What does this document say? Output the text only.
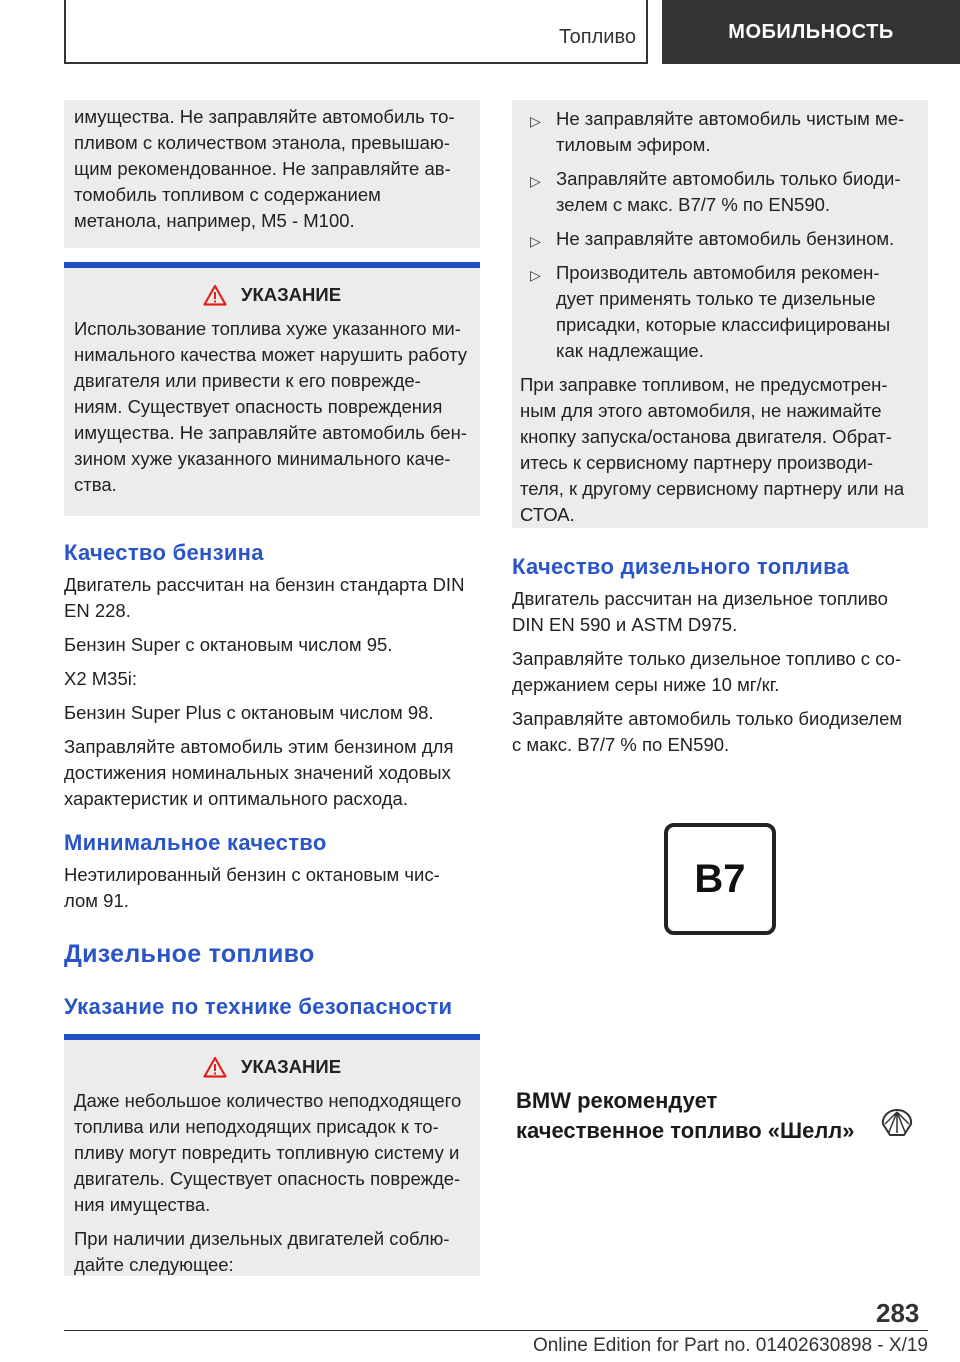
Топливо	МОБИЛЬНОСТЬ

имущества. Не заправляйте автомобиль то-

пливом с количеством этанола, превышаю-

щим рекомендованное. Не заправляйте ав-

томобиль топливом с содержанием

метанола, например, M5 - M100.

УКАЗАНИЕ

Использование топлива хуже указанного ми-

нимального качества может нарушить работу

двигателя или привести к его поврежде-

ниям. Существует опасность повреждения

имущества. Не заправляйте автомобиль бен-

зином хуже указанного минимального каче-

ства.

Качество бензина

Двигатель рассчитан на бензин стандарта DIN

EN 228.

Бензин Super с октановым числом 95.

X2 M35i:

Бензин Super Plus с октановым числом 98.

Заправляйте автомобиль этим бензином для

достижения номинальных значений ходовых

характеристик и оптимального расхода.

Минимальное качество

Неэтилированный бензин с октановым чис-

лом 91.

Дизельное топливо

Указание по технике безопасности

УКАЗАНИЕ

Даже небольшое количество неподходящего

топлива или неподходящих присадок к то-

пливу могут повредить топливную систему и

двигатель. Существует опасность поврежде-

ния имущества.

При наличии дизельных двигателей соблю-

дайте следующее:

▷ Не заправляйте автомобиль чистым ме-
тиловым эфиром.
▷ Заправляйте автомобиль только биоди-
зелем с макс. B7/7 % по EN590.
▷ Не заправляйте автомобиль бензином.
▷ Производитель автомобиля рекомен-
дует применять только те дизельные
присадки, которые классифицированы
как надлежащие.

При заправке топливом, не предусмотрен-

ным для этого автомобиля, не нажимайте

кнопку запуска/останова двигателя. Обрат-

итесь к сервисному партнеру производи-

теля, к другому сервисному партнеру или на

СТОА.

Качество дизельного топлива

Двигатель рассчитан на дизельное топливо

DIN EN 590 и ASTM D975.

Заправляйте только дизельное топливо с со-

держанием серы ниже 10 мг/кг.

Заправляйте автомобиль только биодизелем

с макс. B7/7 % по EN590.

B7
BMW рекомендует
качественное топливо «Шелл»
283
Online Edition for Part no. 01402630898 - X/19
